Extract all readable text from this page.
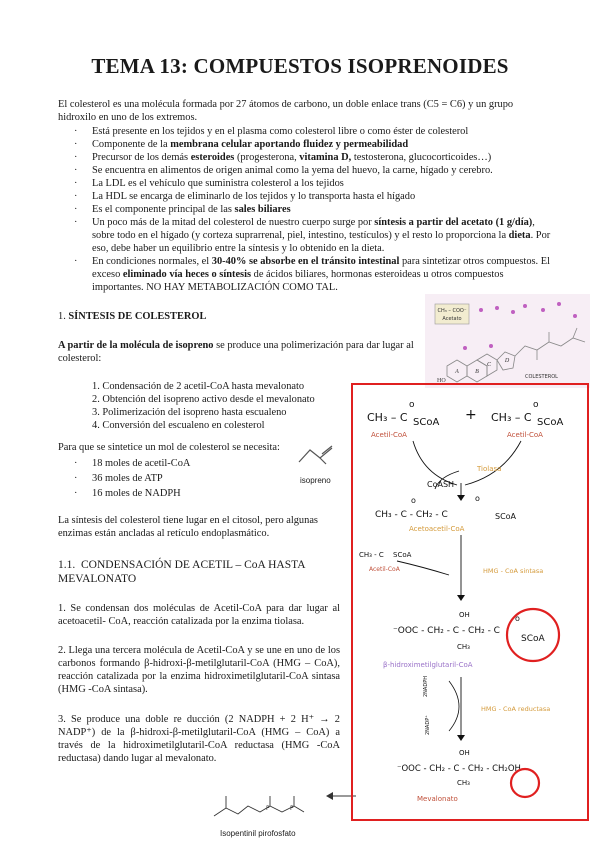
TEMA 13: COMPUESTOS ISOPRENOIDES
El colesterol es una molécula formada por 27 átomos de carbono, un doble enlace trans (C5 = C6) y un grupo hidroxilo en uno de los extremos.
· Está presente en los tejidos y en el plasma como colesterol libre o como éster de colesterol
· Componente de la membrana celular aportando fluidez y permeabilidad
· Precursor de los demás esteroides (progesterona, vitamina D, testosterona, glucocorticoides…)
· Se encuentra en alimentos de origen animal como la yema del huevo, la carne, hígado y cerebro.
· La LDL es el vehículo que suministra colesterol a los tejidos
· La HDL se encarga de eliminarlo de los tejidos y lo transporta hasta el hígado
· Es el componente principal de las sales biliares
· Un poco más de la mitad del colesterol de nuestro cuerpo surge por síntesis a partir del acetato (1 g/día), sobre todo en el hígado (y corteza suprarrenal, piel, intestino, testículos) y el resto lo proporciona la dieta. Por eso, debe haber un equilibrio entre la síntesis y lo obtenido en la dieta.
· En condiciones normales, el 30-40% se absorbe en el tránsito intestinal para sintetizar otros compuestos. El exceso eliminado vía heces o síntesis de ácidos biliares, hormonas esteroideas u otros compuestos importantes. NO HAY METABOLIZACIÓN COMO TAL.
1. SÍNTESIS DE COLESTEROL	CH₃ – COO⁻
Acetato
A	B
C
D
HO
COLESTEROL
A partir de la molécula de isopreno se produce una polimerización para dar lugar al colesterol:
1. Condensación de 2 acetil-CoA hasta mevalonato
2. Obtención del isopreno activo desde el mevalonato
3. Polimerización del isopreno hasta escualeno
4. Conversión del escualeno en colesterol
Para que se sintetice un mol de colesterol se necesita:
· 18 moles de acetil-CoA
· 36 moles de ATP
· 16 moles de NADPH
isopreno
La síntesis del colesterol tiene lugar en el citosol, pero algunas enzimas están ancladas al retículo endoplasmático.
1.1. CONDENSACIÓN DE ACETIL – CoA HASTA MEVALONATO
1. Se condensan dos moléculas de Acetil-CoA para dar lugar al acetoacetil- CoA, reacción catalizada por la enzima tiolasa.
2. Llega una tercera molécula de Acetil-CoA y se une en uno de los carbonos formando β-hidroxi-β-metilglutaril-CoA (HMG – CoA), reacción catalizada por la enzima hidroximetilglutaril-CoA sintasa (HMG -CoA sintasa).
3. Se produce una doble re ducción (2 NADPH + 2 H⁺ → 2 NADP⁺) de la β-hidroxi-β-metilglutaril-CoA (HMG – CoA) a través de la hidroximetilglutaril-CoA reductasa (HMG -CoA reductasa) dando lugar al mevalonato.
P	P
Isopentinil pirofosfato
CH₃ – C SCoA
o
Acetil-CoA
+ CH₃ – C SCoA
o
Acetil-CoA
Tiolasa
CoASH
CH₃ - C - CH₂ - C	SCoA
o
o
Acetoacetil-CoA
CH₃ - C SCoA
Acetil-CoA	HMG - CoA sintasa
OH
⁻OOC - CH₂ - C - CH₂ - C
SCoA
o
CH₃
β-hidroximetilglutaril-CoA
2NADPH
2NADP⁺
HMG - CoA reductasa
OH
⁻OOC - CH₂ - C - CH₂ - CH₂OH
CH₃
Mevalonato
